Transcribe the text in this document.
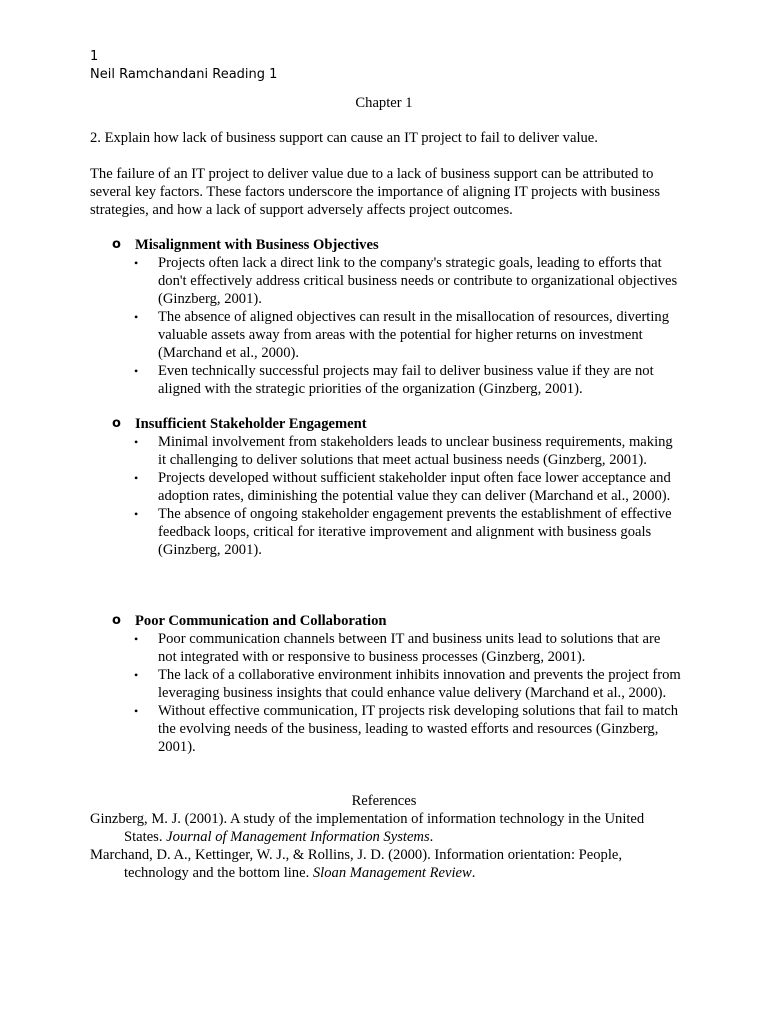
1
Neil Ramchandani Reading 1
Chapter 1
2. Explain how lack of business support can cause an IT project to fail to deliver value.
The failure of an IT project to deliver value due to a lack of business support can be attributed to several key factors. These factors underscore the importance of aligning IT projects with business strategies, and how a lack of support adversely affects project outcomes.
o Misalignment with Business Objectives
• Projects often lack a direct link to the company's strategic goals, leading to efforts that don't effectively address critical business needs or contribute to organizational objectives (Ginzberg, 2001).
• The absence of aligned objectives can result in the misallocation of resources, diverting valuable assets away from areas with the potential for higher returns on investment (Marchand et al., 2000).
• Even technically successful projects may fail to deliver business value if they are not aligned with the strategic priorities of the organization (Ginzberg, 2001).
o Insufficient Stakeholder Engagement
• Minimal involvement from stakeholders leads to unclear business requirements, making it challenging to deliver solutions that meet actual business needs (Ginzberg, 2001).
• Projects developed without sufficient stakeholder input often face lower acceptance and adoption rates, diminishing the potential value they can deliver (Marchand et al., 2000).
• The absence of ongoing stakeholder engagement prevents the establishment of effective feedback loops, critical for iterative improvement and alignment with business goals (Ginzberg, 2001).
o Poor Communication and Collaboration
• Poor communication channels between IT and business units lead to solutions that are not integrated with or responsive to business processes (Ginzberg, 2001).
• The lack of a collaborative environment inhibits innovation and prevents the project from leveraging business insights that could enhance value delivery (Marchand et al., 2000).
• Without effective communication, IT projects risk developing solutions that fail to match the evolving needs of the business, leading to wasted efforts and resources (Ginzberg, 2001).
References
Ginzberg, M. J. (2001). A study of the implementation of information technology in the United States. Journal of Management Information Systems.
Marchand, D. A., Kettinger, W. J., & Rollins, J. D. (2000). Information orientation: People, technology and the bottom line. Sloan Management Review.
